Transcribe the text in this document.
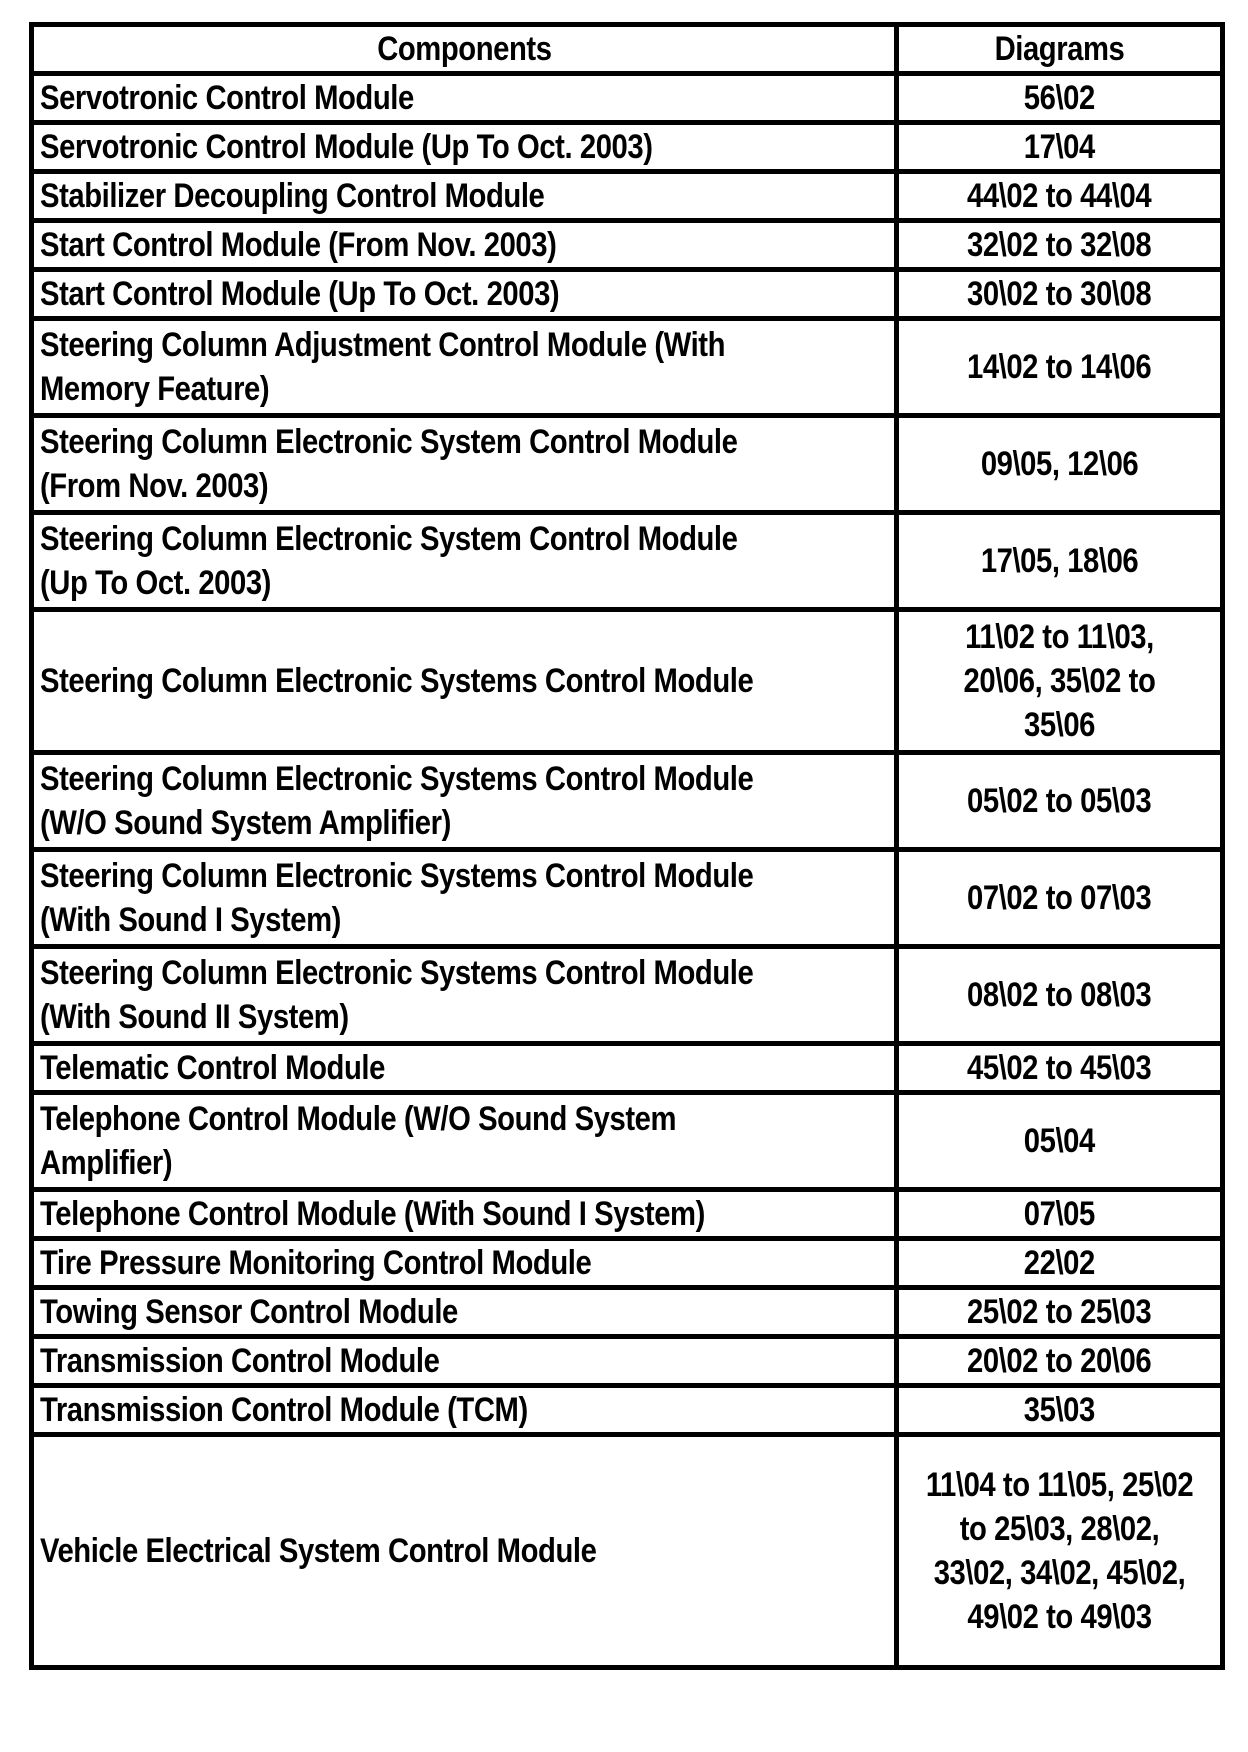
Components	Diagrams
Servotronic Control Module	56\02
Servotronic Control Module (Up To Oct. 2003)	17\04
Stabilizer Decoupling Control Module	44\02 to 44\04
Start Control Module (From Nov. 2003)	32\02 to 32\08
Start Control Module (Up To Oct. 2003)	30\02 to 30\08
Steering Column Adjustment Control Module (With Memory Feature)	14\02 to 14\06
Steering Column Electronic System Control Module (From Nov. 2003)	09\05, 12\06
Steering Column Electronic System Control Module (Up To Oct. 2003)	17\05, 18\06
Steering Column Electronic Systems Control Module	11\02 to 11\03, 20\06, 35\02 to 35\06
Steering Column Electronic Systems Control Module (W/O Sound System Amplifier)	05\02 to 05\03
Steering Column Electronic Systems Control Module (With Sound I System)	07\02 to 07\03
Steering Column Electronic Systems Control Module (With Sound II System)	08\02 to 08\03
Telematic Control Module	45\02 to 45\03
Telephone Control Module (W/O Sound System Amplifier)	05\04
Telephone Control Module (With Sound I System)	07\05
Tire Pressure Monitoring Control Module	22\02
Towing Sensor Control Module	25\02 to 25\03
Transmission Control Module	20\02 to 20\06
Transmission Control Module (TCM)	35\03
Vehicle Electrical System Control Module	11\04 to 11\05, 25\02 to 25\03, 28\02, 33\02, 34\02, 45\02, 49\02 to 49\03
